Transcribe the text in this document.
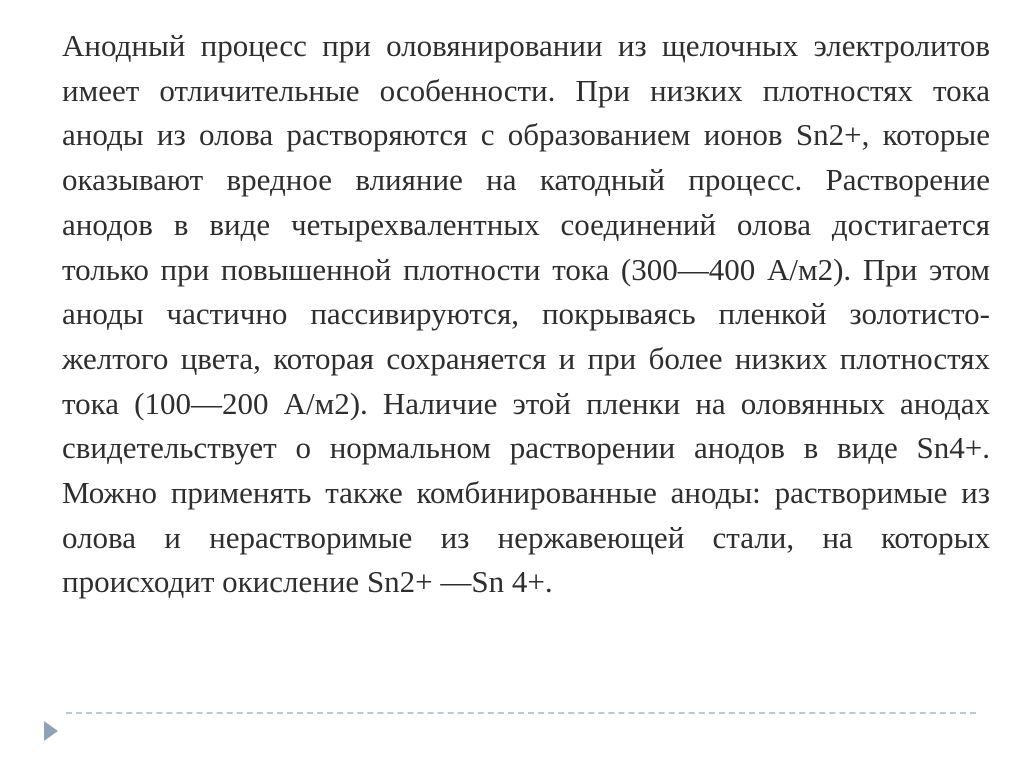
Анодный процесс при оловянировании из щелочных электролитов имеет отличительные особенности. При низких плотностях тока аноды из олова растворяются с образованием ионов Sn2+, которые оказывают вредное влияние на катодный процесс. Растворение анодов в виде четырехвалентных соединений олова достигается только при повышенной плотности тока (300—400 А/м2). При этом аноды частично пассивируются, покрываясь пленкой золотисто-желтого цвета, которая сохраняется и при более низких плотностях тока (100—200 А/м2). Наличие этой пленки на оловянных анодах свидетельствует о нормальном растворении анодов в виде Sn4+. Можно применять также комбинированные аноды: растворимые из олова и нерастворимые из нержавеющей стали, на которых происходит окисление Sn2+ —Sn 4+.
